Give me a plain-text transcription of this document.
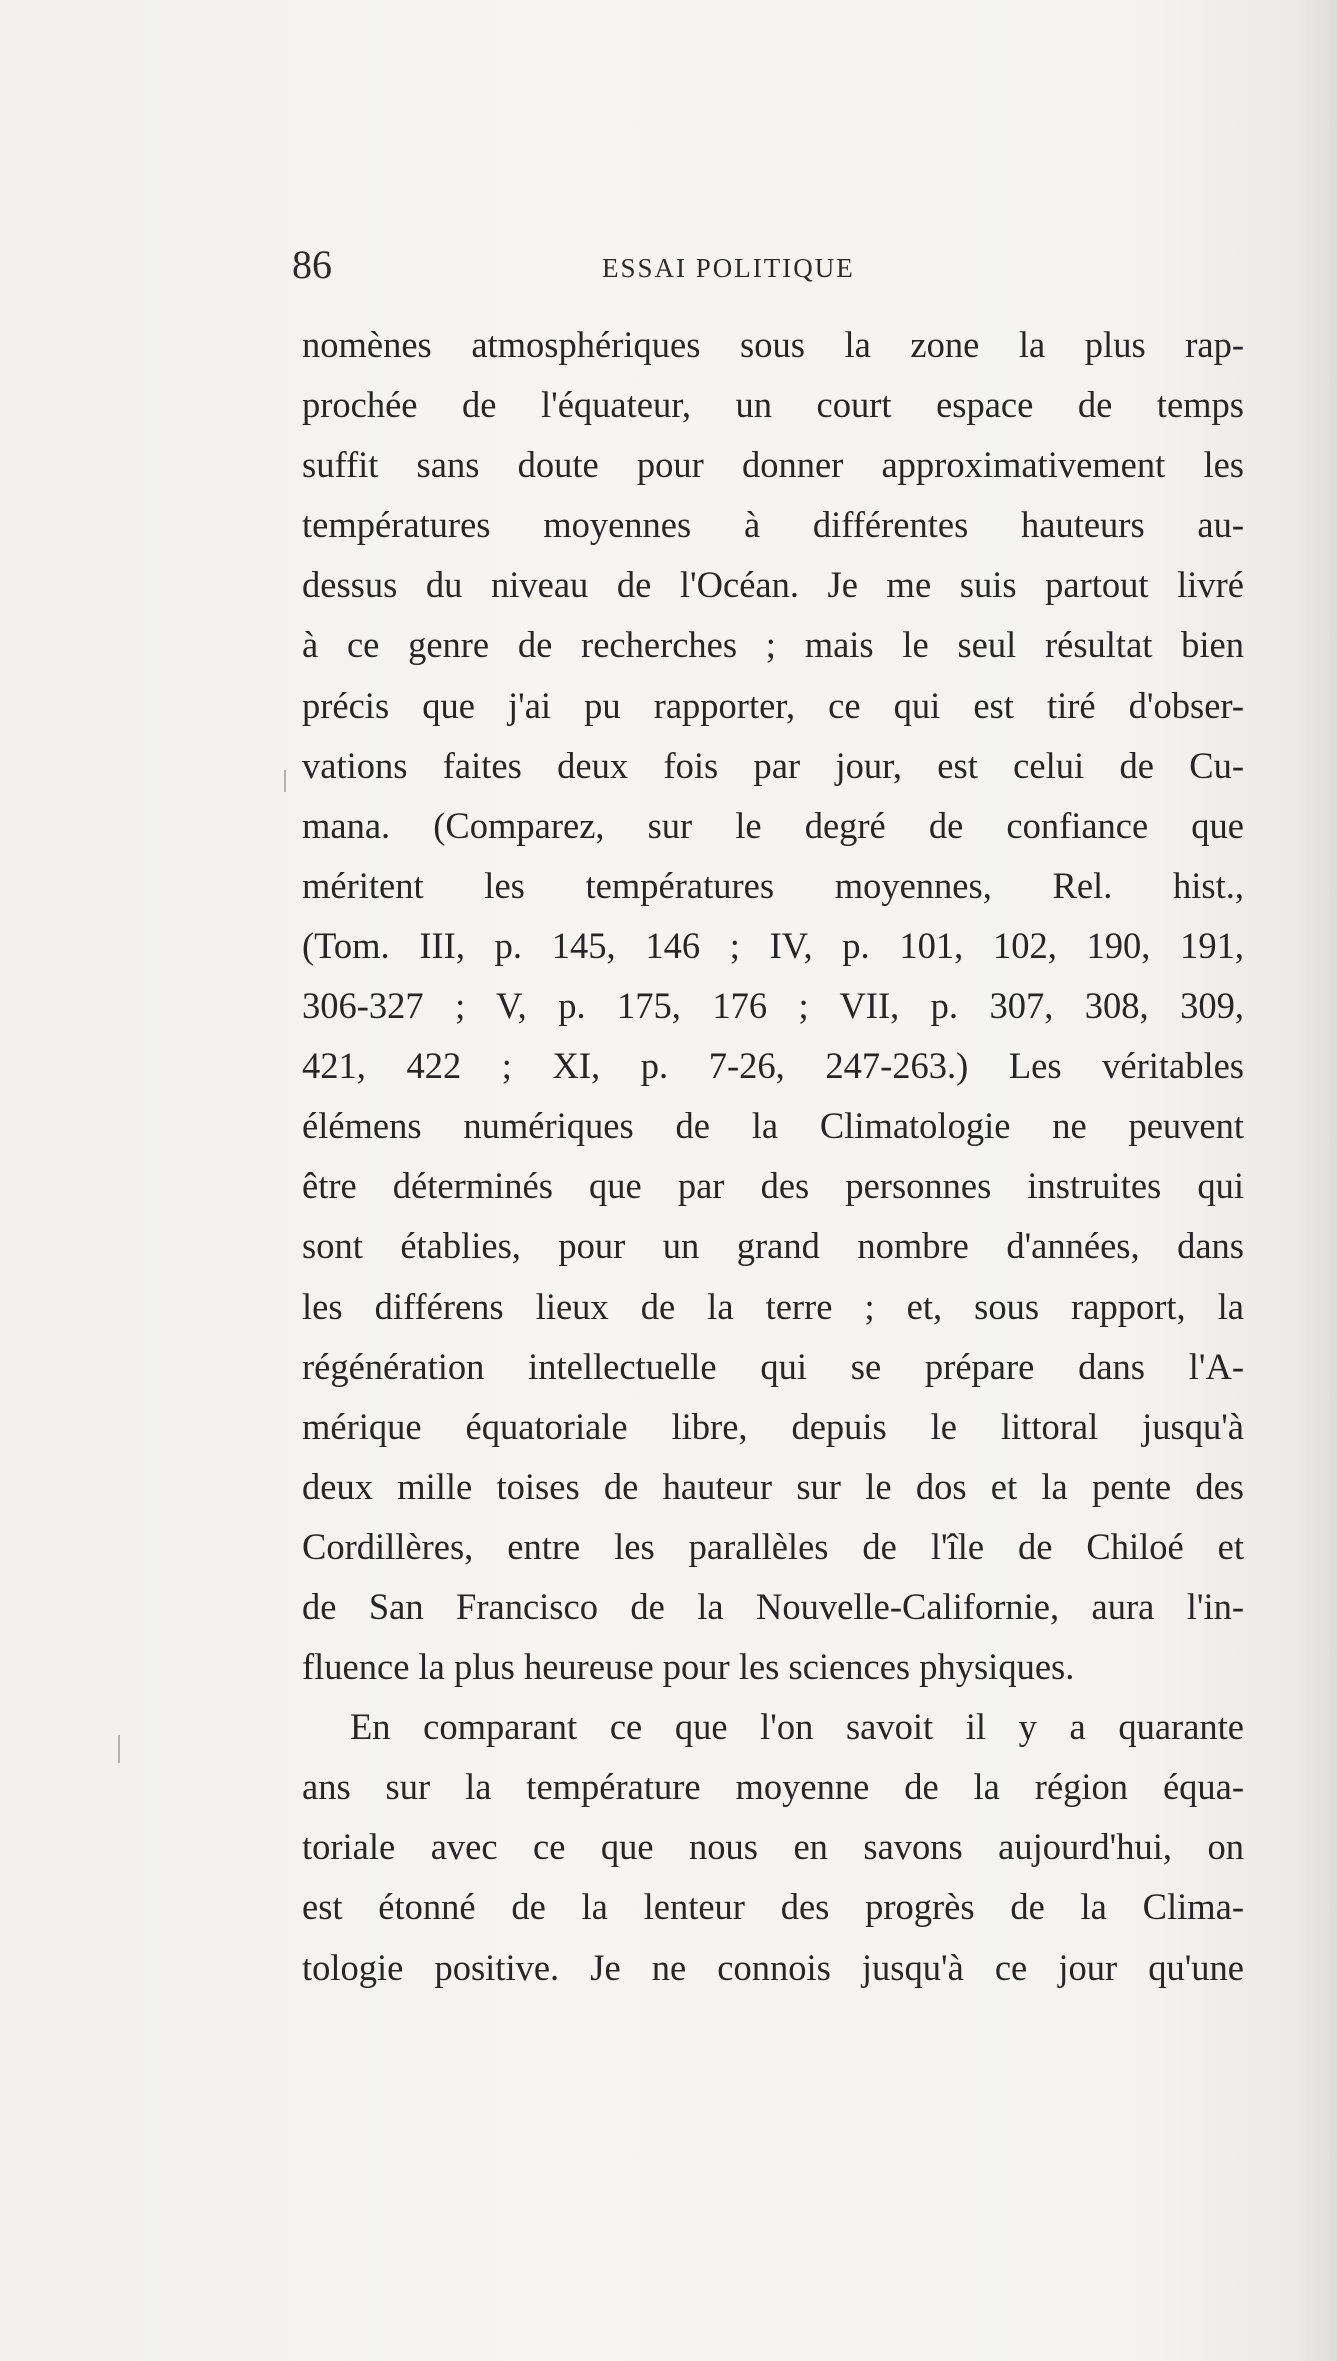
86	ESSAI POLITIQUE
nomènes atmosphériques sous la zone la plus rap-
prochée de l'équateur, un court espace de temps
suffit sans doute pour donner approximativement les
températures moyennes à différentes hauteurs au-
dessus du niveau de l'Océan. Je me suis partout livré
à ce genre de recherches ; mais le seul résultat bien
précis que j'ai pu rapporter, ce qui est tiré d'obser-
vations faites deux fois par jour, est celui de Cu-
mana. (Comparez, sur le degré de confiance que
méritent les températures moyennes, Rel. hist.,
(Tom. III, p. 145, 146 ; IV, p. 101, 102, 190, 191,
306-327 ; V, p. 175, 176 ; VII, p. 307, 308, 309,
421, 422 ; XI, p. 7-26, 247-263.) Les véritables
élémens numériques de la Climatologie ne peuvent
être déterminés que par des personnes instruites qui
sont établies, pour un grand nombre d'années, dans
les différens lieux de la terre ; et, sous rapport, la
régénération intellectuelle qui se prépare dans l'A-
mérique équatoriale libre, depuis le littoral jusqu'à
deux mille toises de hauteur sur le dos et la pente des
Cordillères, entre les parallèles de l'île de Chiloé et
de San Francisco de la Nouvelle-Californie, aura l'in-
fluence la plus heureuse pour les sciences physiques.
En comparant ce que l'on savoit il y a quarante
ans sur la température moyenne de la région équa-
toriale avec ce que nous en savons aujourd'hui, on
est étonné de la lenteur des progrès de la Clima-
tologie positive. Je ne connois jusqu'à ce jour qu'une
